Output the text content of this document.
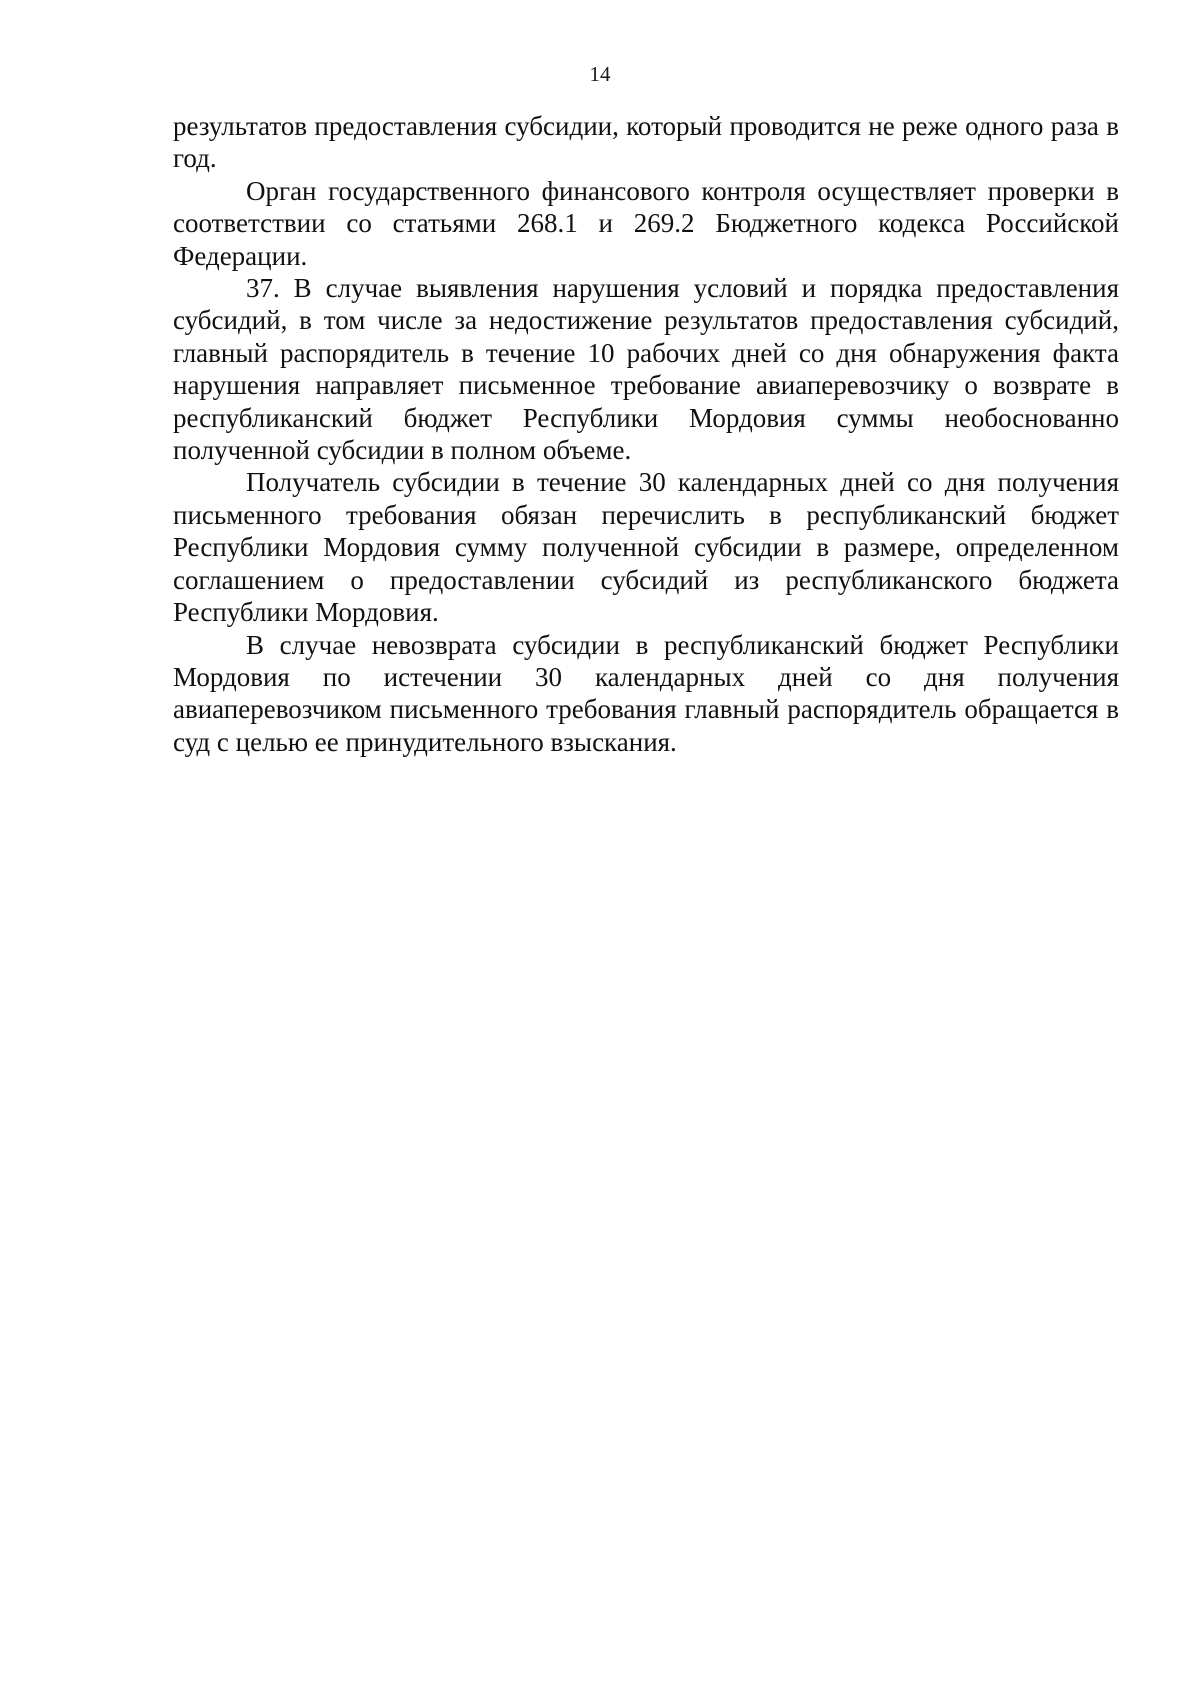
14

результатов предоставления субсидии, который проводится не реже одного раза в год.

Орган государственного финансового контроля осуществляет проверки в соответствии со статьями 268.1 и 269.2 Бюджетного кодекса Российской Федерации.

37. В случае выявления нарушения условий и порядка предоставления субсидий, в том числе за недостижение результатов предоставления субсидий, главный распорядитель в течение 10 рабочих дней со дня обнаружения факта нарушения направляет письменное требование авиаперевозчику о возврате в республиканский бюджет Республики Мордовия суммы необоснованно полученной субсидии в полном объеме.

Получатель субсидии в течение 30 календарных дней со дня получения письменного требования обязан перечислить в республиканский бюджет Республики Мордовия сумму полученной субсидии в размере, определенном соглашением о предоставлении субсидий из республиканского бюджета Республики Мордовия.

В случае невозврата субсидии в республиканский бюджет Республики Мордовия по истечении 30 календарных дней со дня получения авиаперевозчиком письменного требования главный распорядитель обращается в суд с целью ее принудительного взыскания.
